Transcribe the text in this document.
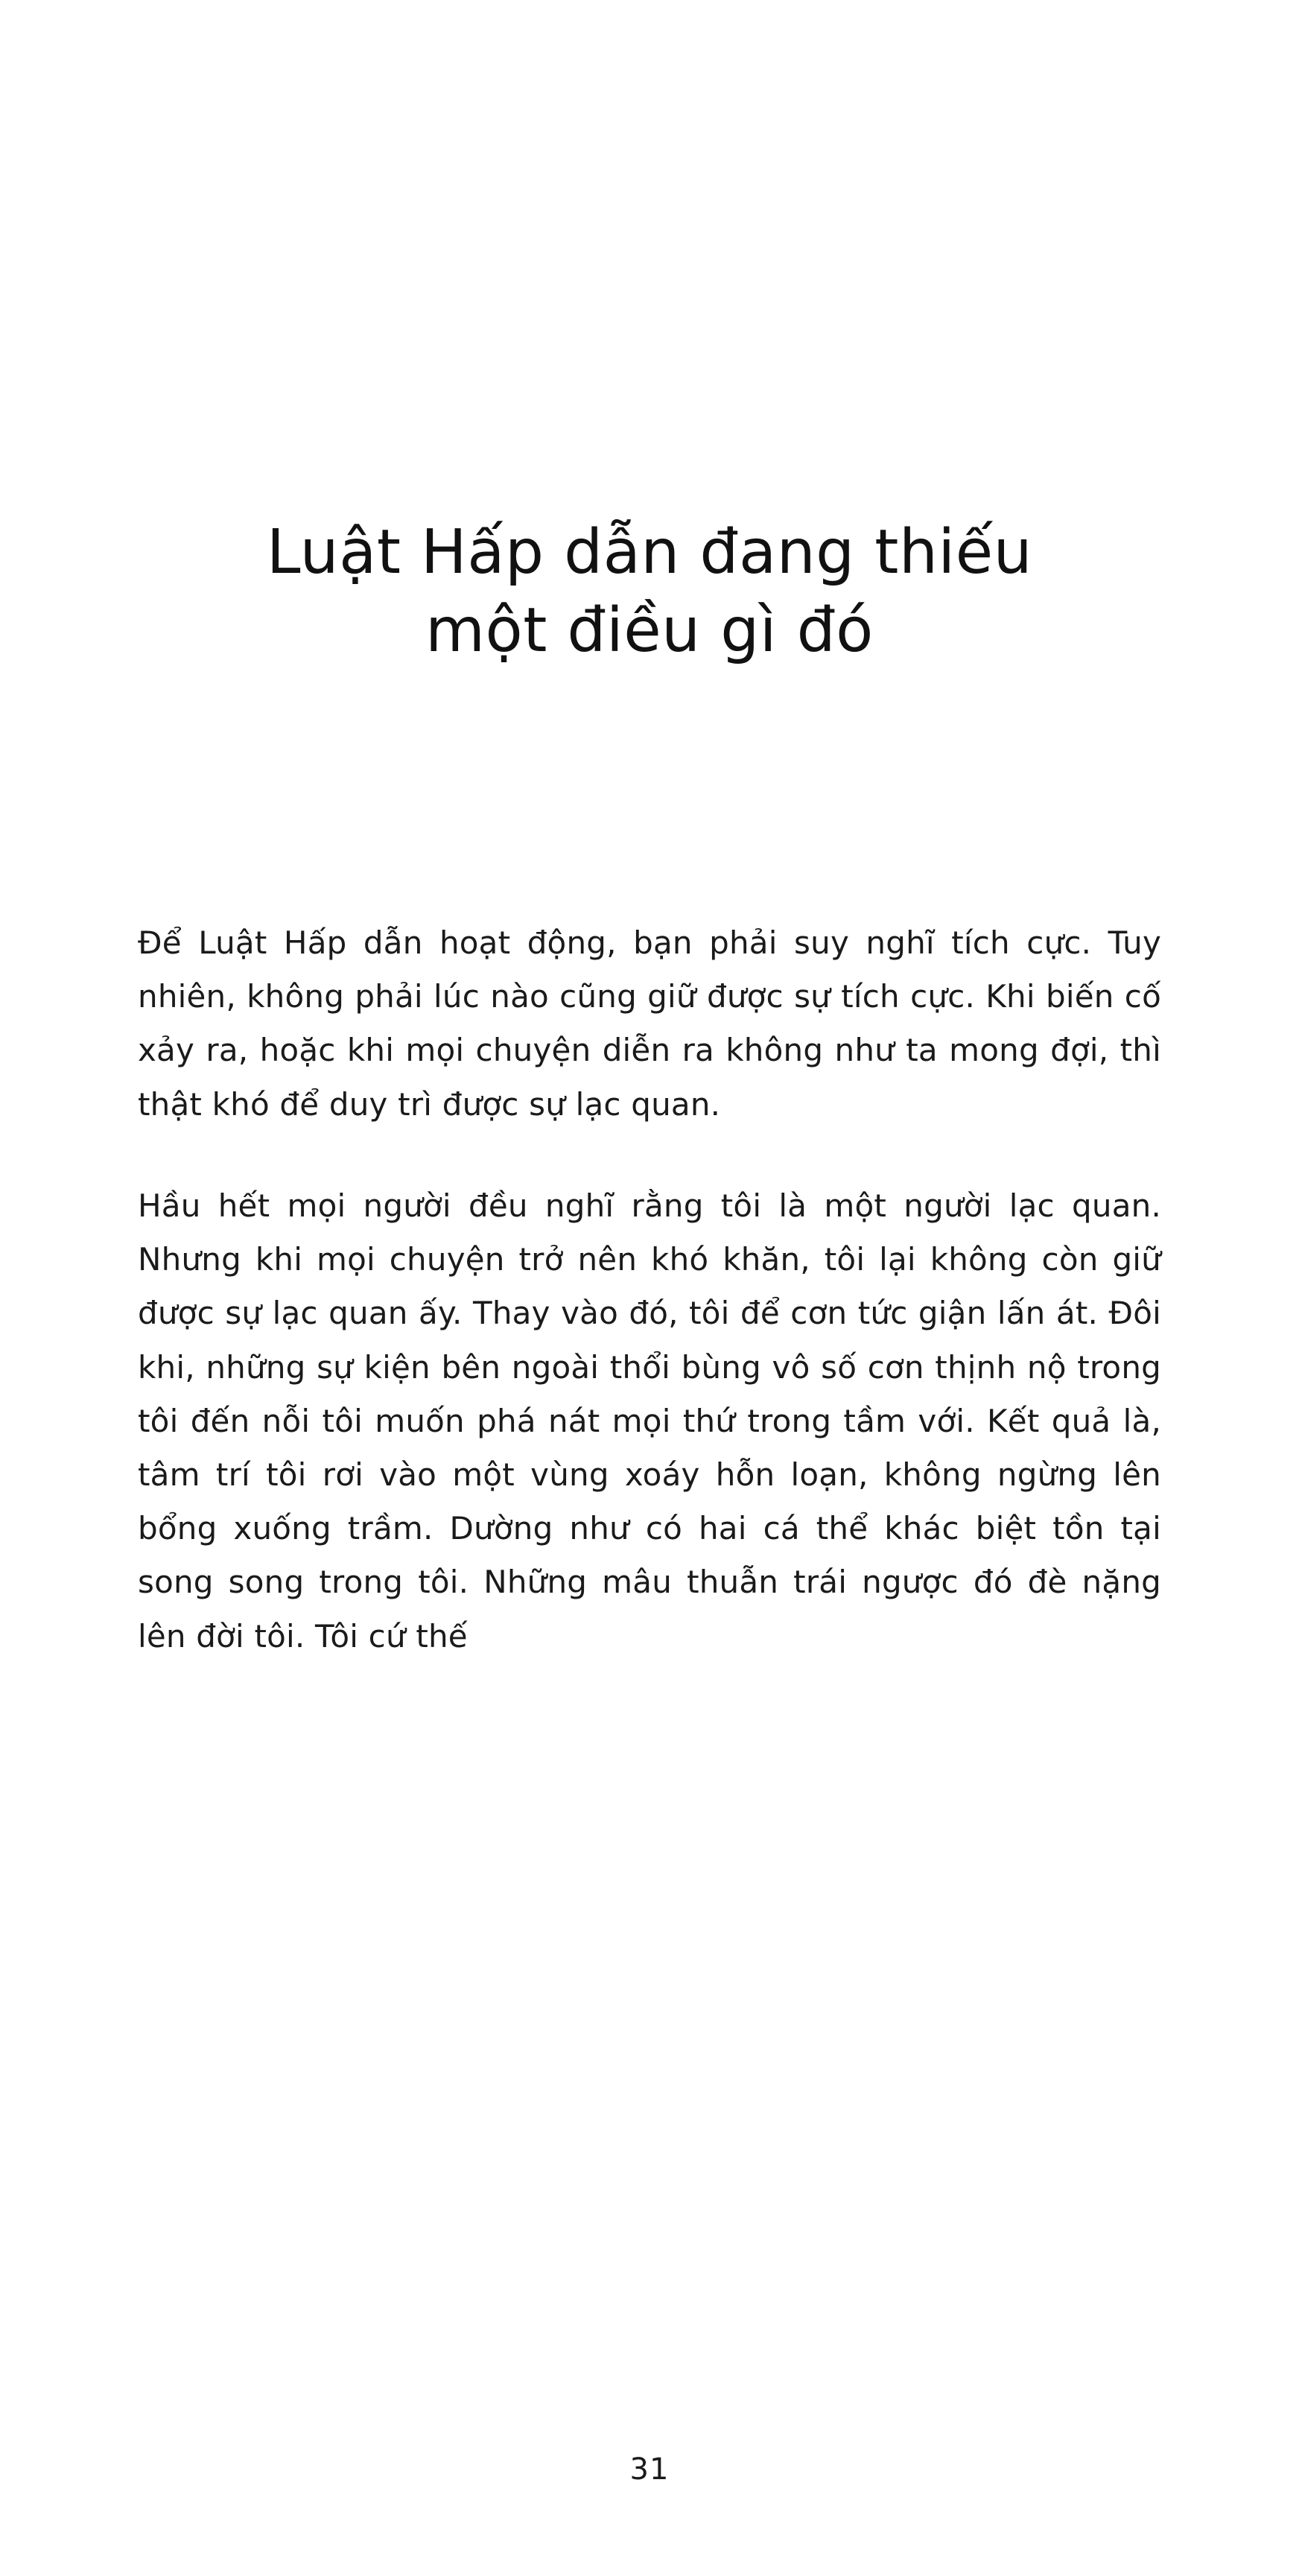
Luật Hấp dẫn đang thiếu
một điều gì đó

Để Luật Hấp dẫn hoạt động, bạn phải suy nghĩ tích cực. Tuy nhiên, không phải lúc nào cũng giữ được sự tích cực. Khi biến cố xảy ra, hoặc khi mọi chuyện diễn ra không như ta mong đợi, thì thật khó để duy trì được sự lạc quan.

Hầu hết mọi người đều nghĩ rằng tôi là một người lạc quan. Nhưng khi mọi chuyện trở nên khó khăn, tôi lại không còn giữ được sự lạc quan ấy. Thay vào đó, tôi để cơn tức giận lấn át. Đôi khi, những sự kiện bên ngoài thổi bùng vô số cơn thịnh nộ trong tôi đến nỗi tôi muốn phá nát mọi thứ trong tầm với. Kết quả là, tâm trí tôi rơi vào một vùng xoáy hỗn loạn, không ngừng lên bổng xuống trầm. Dường như có hai cá thể khác biệt tồn tại song song trong tôi. Những mâu thuẫn trái ngược đó đè nặng lên đời tôi. Tôi cứ thế

31
